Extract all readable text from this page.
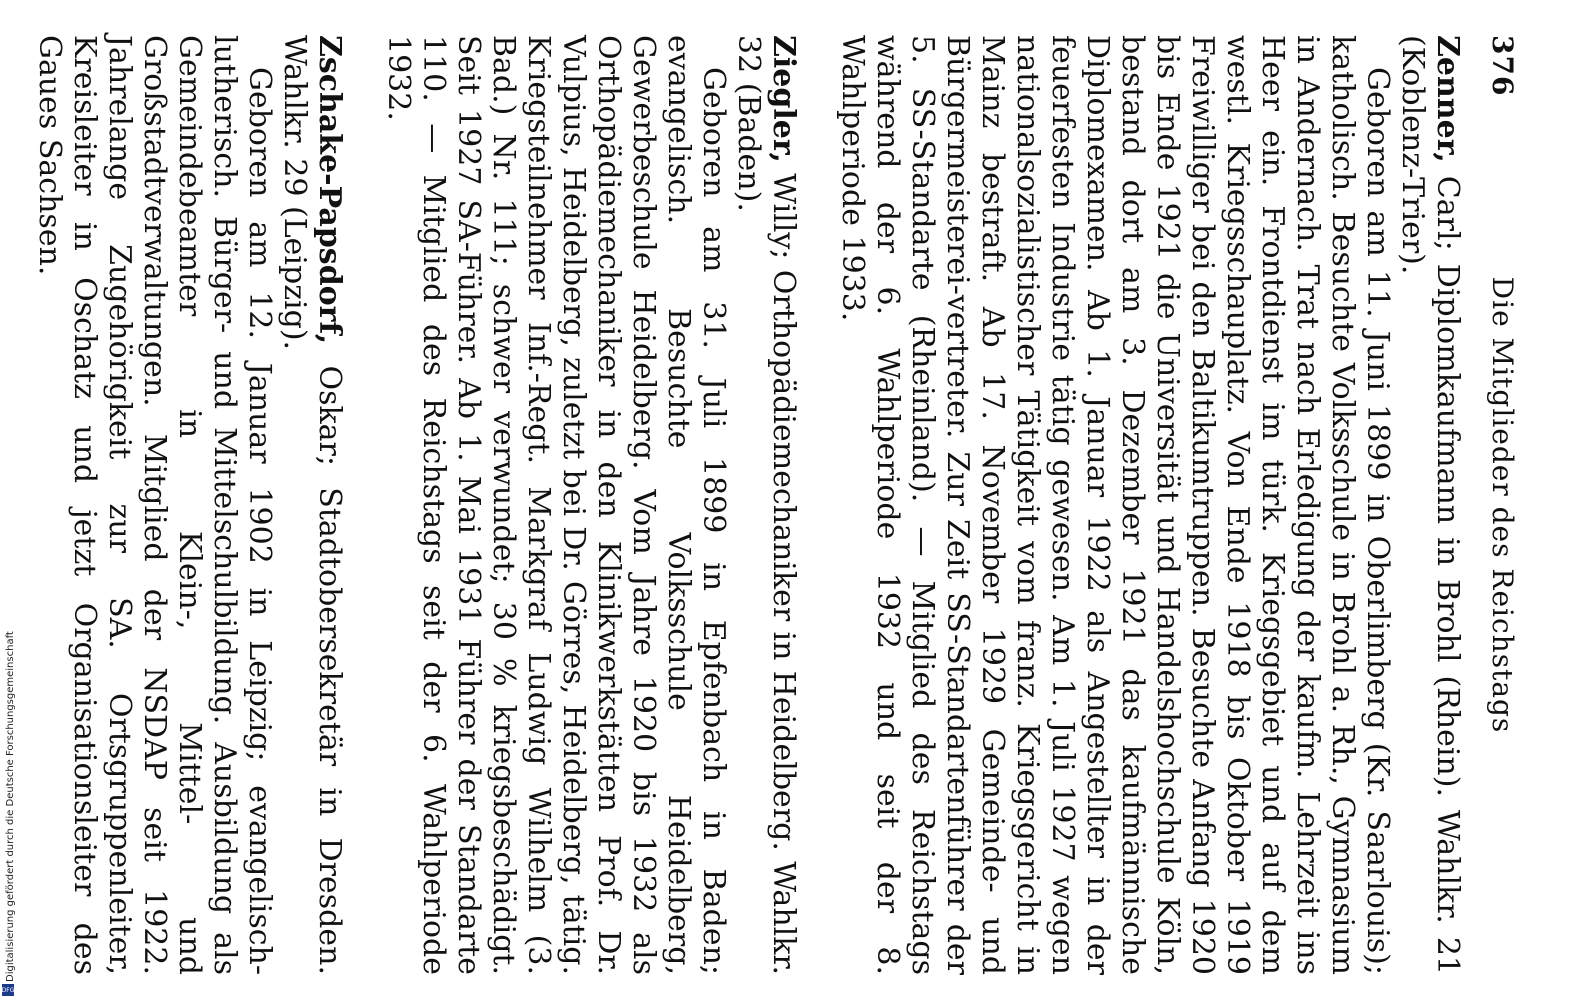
376
Die Mitglieder des Reichstags

Zenner, Carl; Diplomkaufmann in Brohl (Rhein). Wahlkr. 21 (Koblenz-Trier).

Geboren am 11. Juni 1899 in Oberlimberg (Kr. Saarlouis); katholisch. Besuchte Volksschule in Brohl a. Rh., Gymnasium in Andernach. Trat nach Erledigung der kaufm. Lehrzeit ins Heer ein. Frontdienst im türk. Kriegsgebiet und auf dem westl. Kriegsschauplatz. Von Ende 1918 bis Oktober 1919 Freiwilliger bei den Baltikumtruppen. Besuchte Anfang 1920 bis Ende 1921 die Universität und Handelshochschule Köln, bestand dort am 3. Dezember 1921 das kaufmännische Diplomexamen. Ab 1. Januar 1922 als Angestellter in der feuerfesten Industrie tätig gewesen. Am 1. Juli 1927 wegen nationalsozialistischer Tätigkeit vom franz. Kriegsgericht in Mainz bestraft. Ab 17. November 1929 Gemeinde- und Bürgermeisterei-vertreter. Zur Zeit SS-Standartenführer der 5. SS-Standarte (Rheinland). — Mitglied des Reichstags während der 6. Wahlperiode 1932 und seit der 8. Wahlperiode 1933.

Ziegler, Willy; Orthopädiemechaniker in Heidelberg. Wahlkr. 32 (Baden).

Geboren am 31. Juli 1899 in Epfenbach in Baden; evangelisch. Besuchte Volksschule Heidelberg, Gewerbeschule Heidelberg. Vom Jahre 1920 bis 1932 als Orthopädiemechaniker in den Klinikwerkstätten Prof. Dr. Vulpius, Heidelberg, zuletzt bei Dr. Görres, Heidelberg, tätig. Kriegsteilnehmer Inf.-Regt. Markgraf Ludwig Wilhelm (3. Bad.) Nr. 111; schwer verwundet; 30 % kriegsbeschädigt. Seit 1927 SA-Führer. Ab 1. Mai 1931 Führer der Standarte 110. — Mitglied des Reichstags seit der 6. Wahlperiode 1932.

Zschake-Papsdorf, Oskar; Stadtobersekretär in Dresden. Wahlkr. 29 (Leipzig).

Geboren am 12. Januar 1902 in Leipzig; evangelisch-lutherisch. Bürger- und Mittelschulbildung. Ausbildung als Gemeindebeamter in Klein-, Mittel- und Großstadtverwaltungen. Mitglied der NSDAP seit 1922. Jahrelange Zugehörigkeit zur SA. Ortsgruppenleiter, Kreisleiter in Oschatz und jetzt Organisationsleiter des Gaues Sachsen.

Digitalisierung gefördert durch die Deutsche Forschungsgemeinschaft
DFG
